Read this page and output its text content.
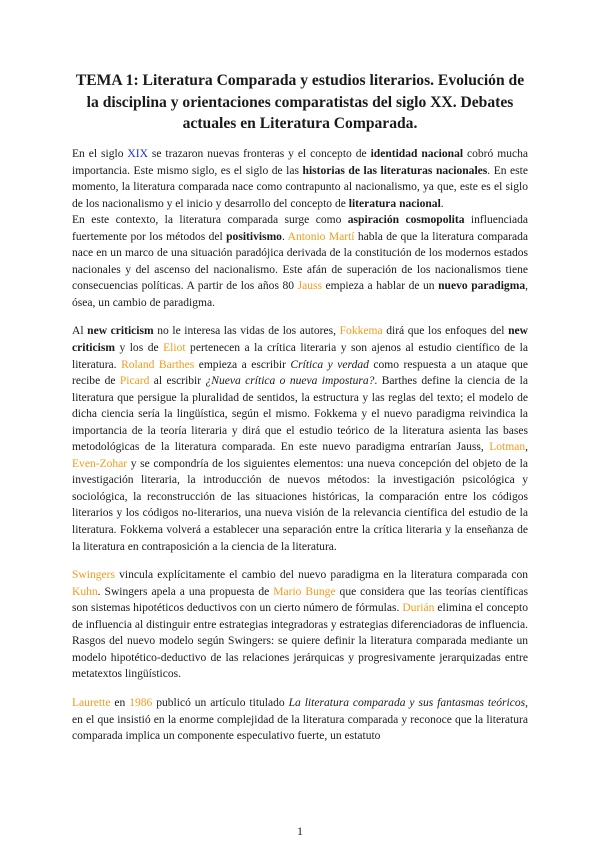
TEMA 1: Literatura Comparada y estudios literarios. Evolución de la disciplina y orientaciones comparatistas del siglo XX. Debates actuales en Literatura Comparada.

En el siglo XIX se trazaron nuevas fronteras y el concepto de identidad nacional cobró mucha importancia. Este mismo siglo, es el siglo de las historias de las literaturas nacionales. En este momento, la literatura comparada nace como contrapunto al nacionalismo, ya que, este es el siglo de los nacionalismo y el inicio y desarrollo del concepto de literatura nacional.

En este contexto, la literatura comparada surge como aspiración cosmopolita influenciada fuertemente por los métodos del positivismo. Antonio Martí habla de que la literatura comparada nace en un marco de una situación paradójica derivada de la constitución de los modernos estados nacionales y del ascenso del nacionalismo. Este afán de superación de los nacionalismos tiene consecuencias políticas. A partir de los años 80 Jauss empieza a hablar de un nuevo paradigma, ósea, un cambio de paradigma.

Al new criticism no le interesa las vidas de los autores, Fokkema dirá que los enfoques del new criticism y los de Eliot pertenecen a la crítica literaria y son ajenos al estudio científico de la literatura. Roland Barthes empieza a escribir Crítica y verdad como respuesta a un ataque que recibe de Picard al escribir ¿Nueva crítica o nueva impostura?. Barthes define la ciencia de la literatura que persigue la pluralidad de sentidos, la estructura y las reglas del texto; el modelo de dicha ciencia sería la lingüística, según el mismo. Fokkema y el nuevo paradigma reivindica la importancia de la teoría literaria y dirá que el estudio teórico de la literatura asienta las bases metodológicas de la literatura comparada. En este nuevo paradigma entrarían Jauss, Lotman, Even-Zohar y se compondría de los siguientes elementos: una nueva concepción del objeto de la investigación literaria, la introducción de nuevos métodos: la investigación psicológica y sociológica, la reconstrucción de las situaciones históricas, la comparación entre los códigos literarios y los códigos no-literarios, una nueva visión de la relevancia científica del estudio de la literatura. Fokkema volverá a establecer una separación entre la crítica literaria y la enseñanza de la literatura en contraposición a la ciencia de la literatura.

Swingers vincula explícitamente el cambio del nuevo paradigma en la literatura comparada con Kuhn. Swingers apela a una propuesta de Mario Bunge que considera que las teorías científicas son sistemas hipotéticos deductivos con un cierto número de fórmulas. Durián elimina el concepto de influencia al distinguir entre estrategias integradoras y estrategias diferenciadoras de influencia. Rasgos del nuevo modelo según Swingers: se quiere definir la literatura comparada mediante un modelo hipotético-deductivo de las relaciones jerárquicas y progresivamente jerarquizadas entre metatextos lingüísticos.

Laurette en 1986 publicó un artículo titulado La literatura comparada y sus fantasmas teóricos, en el que insistió en la enorme complejidad de la literatura comparada y reconoce que la literatura comparada implica un componente especulativo fuerte, un estatuto

1
